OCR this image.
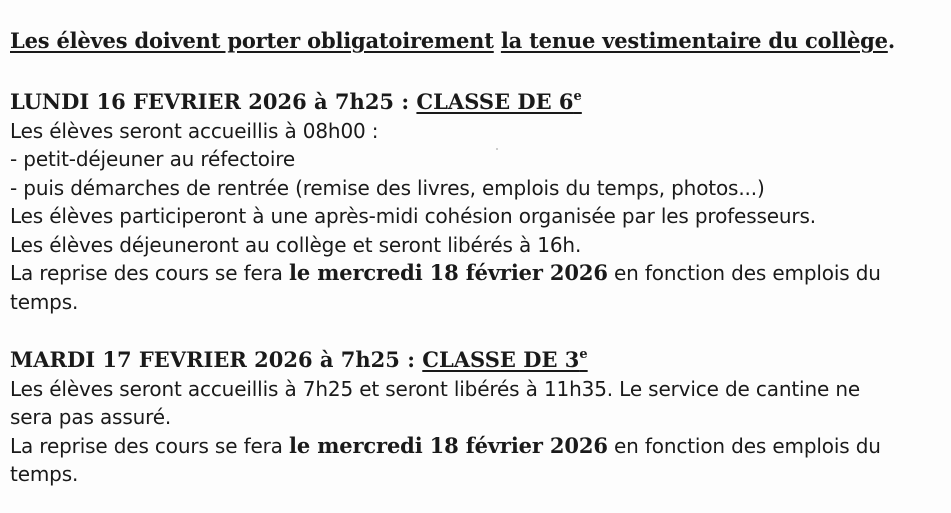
Les élèves doivent porter obligatoirement la tenue vestimentaire du collège.
LUNDI 16 FEVRIER 2026 à 7h25 : CLASSE DE 6e
Les élèves seront accueillis à 08h00 :
- petit-déjeuner au réfectoire
- puis démarches de rentrée (remise des livres, emplois du temps, photos...)
Les élèves participeront à une après-midi cohésion organisée par les professeurs.
Les élèves déjeuneront au collège et seront libérés à 16h.
La reprise des cours se fera le mercredi 18 février 2026 en fonction des emplois du
temps.
MARDI 17 FEVRIER 2026 à 7h25 : CLASSE DE 3e
Les élèves seront accueillis à 7h25 et seront libérés à 11h35. Le service de cantine ne
sera pas assuré.
La reprise des cours se fera le mercredi 18 février 2026 en fonction des emplois du
temps.
